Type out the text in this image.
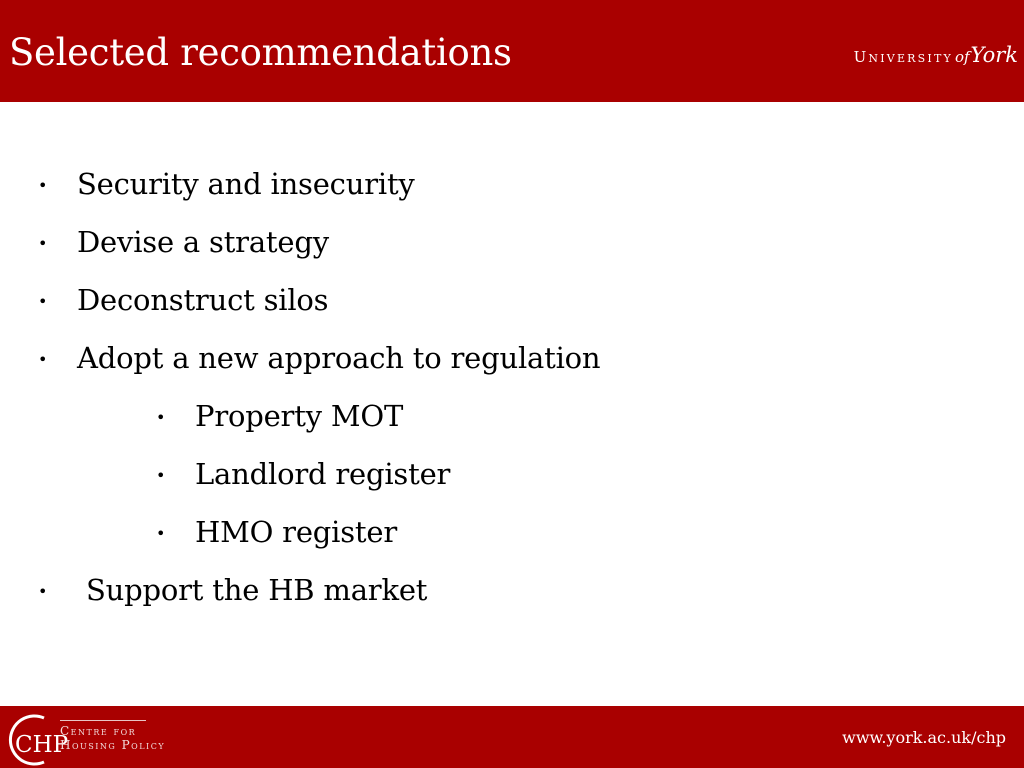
Selected recommendations	University of York
• Security and insecurity
• Devise a strategy
• Deconstruct silos
• Adopt a new approach to regulation
• Property MOT
• Landlord register
• HMO register
• Support the HB market
CHP
Centre for
Housing Policy	www.york.ac.uk/chp
